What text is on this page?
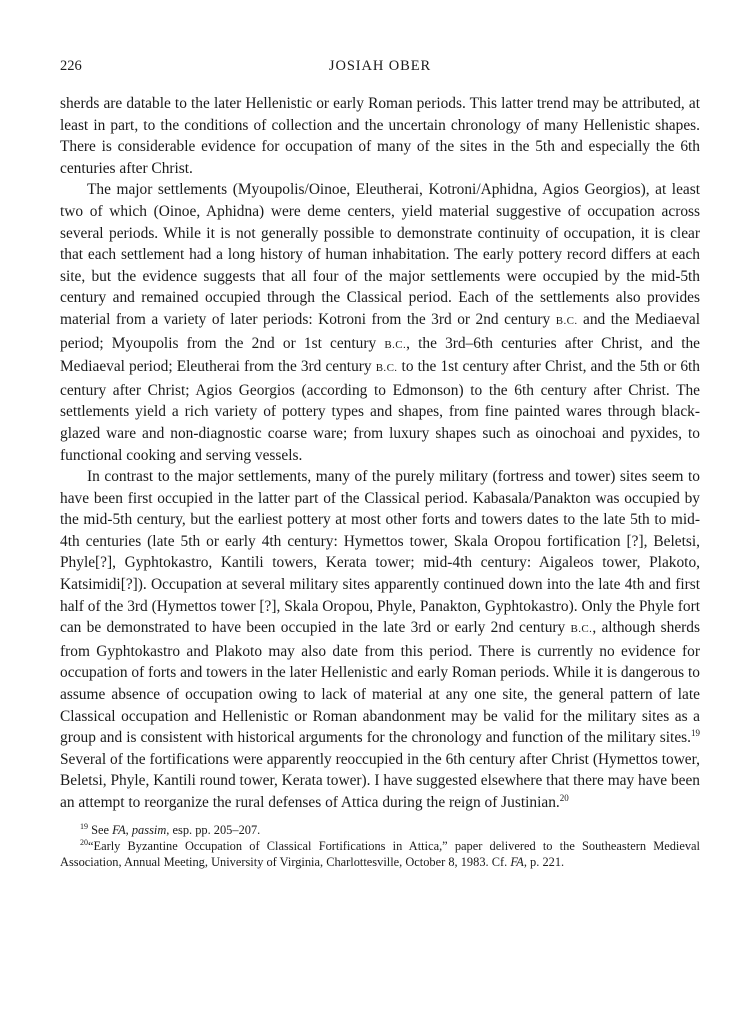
226	JOSIAH OBER

sherds are datable to the later Hellenistic or early Roman periods. This latter trend may be attributed, at least in part, to the conditions of collection and the uncertain chronology of many Hellenistic shapes. There is considerable evidence for occupation of many of the sites in the 5th and especially the 6th centuries after Christ.

The major settlements (Myoupolis/Oinoe, Eleutherai, Kotroni/Aphidna, Agios Georgios), at least two of which (Oinoe, Aphidna) were deme centers, yield material suggestive of occupation across several periods. While it is not generally possible to demonstrate continuity of occupation, it is clear that each settlement had a long history of human inhabitation. The early pottery record differs at each site, but the evidence suggests that all four of the major settlements were occupied by the mid-5th century and remained occupied through the Classical period. Each of the settlements also provides material from a variety of later periods: Kotroni from the 3rd or 2nd century B.C. and the Mediaeval period; Myoupolis from the 2nd or 1st century B.C., the 3rd–6th centuries after Christ, and the Mediaeval period; Eleutherai from the 3rd century B.C. to the 1st century after Christ, and the 5th or 6th century after Christ; Agios Georgios (according to Edmonson) to the 6th century after Christ. The settlements yield a rich variety of pottery types and shapes, from fine painted wares through black-glazed ware and non-diagnostic coarse ware; from luxury shapes such as oinochoai and pyxides, to functional cooking and serving vessels.

In contrast to the major settlements, many of the purely military (fortress and tower) sites seem to have been first occupied in the latter part of the Classical period. Kabasala/Panakton was occupied by the mid-5th century, but the earliest pottery at most other forts and towers dates to the late 5th to mid-4th centuries (late 5th or early 4th century: Hymettos tower, Skala Oropou fortification [?], Beletsi, Phyle[?], Gyphtokastro, Kantili towers, Kerata tower; mid-4th century: Aigaleos tower, Plakoto, Katsimidi[?]). Occupation at several military sites apparently continued down into the late 4th and first half of the 3rd (Hymettos tower [?], Skala Oropou, Phyle, Panakton, Gyphtokastro). Only the Phyle fort can be demonstrated to have been occupied in the late 3rd or early 2nd century B.C., although sherds from Gyphtokastro and Plakoto may also date from this period. There is currently no evidence for occupation of forts and towers in the later Hellenistic and early Roman periods. While it is dangerous to assume absence of occupation owing to lack of material at any one site, the general pattern of late Classical occupation and Hellenistic or Roman abandonment may be valid for the military sites as a group and is consistent with historical arguments for the chronology and function of the military sites.$^{19}$ Several of the fortifications were apparently reoccupied in the 6th century after Christ (Hymettos tower, Beletsi, Phyle, Kantili round tower, Kerata tower). I have suggested elsewhere that there may have been an attempt to reorganize the rural defenses of Attica during the reign of Justinian.$^{20}$

$^{19}$ See FA, passim, esp. pp. 205–207.

$^{20}$“Early Byzantine Occupation of Classical Fortifications in Attica,” paper delivered to the Southeastern Medieval Association, Annual Meeting, University of Virginia, Charlottesville, October 8, 1983. Cf. FA, p. 221.
